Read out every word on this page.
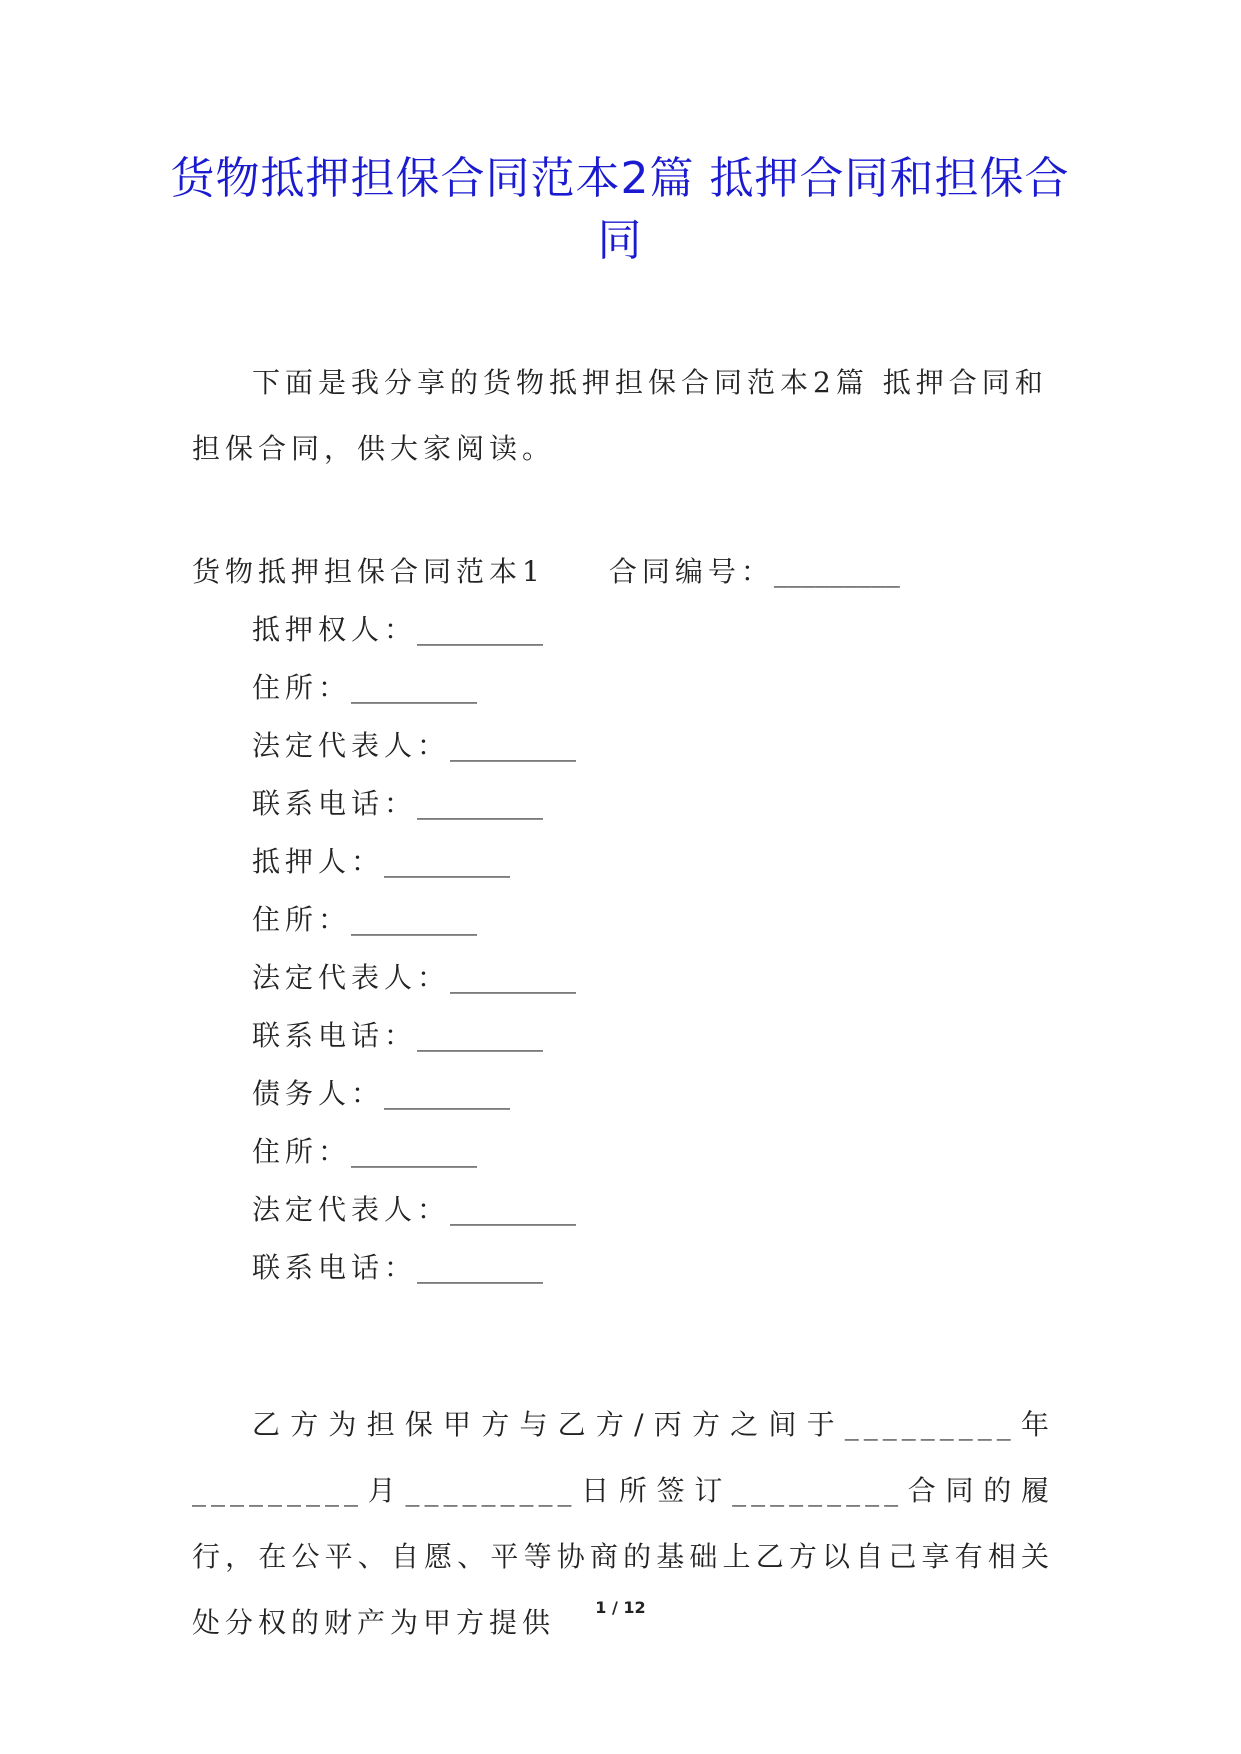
货物抵押担保合同范本2篇 抵押合同和担保合同
下面是我分享的货物抵押担保合同范本2篇 抵押合同和担保合同，供大家阅读。
货物抵押担保合同范本1 合同编号：_________
抵押权人：_________
住所：_________
法定代表人：_________
联系电话：_________
抵押人：_________
住所：_________
法定代表人：_________
联系电话：_________
债务人：_________
住所：_________
法定代表人：_________
联系电话：_________
乙方为担保甲方与乙方/丙方之间于_________年_________月_________日所签订_________合同的履行，在公平、自愿、平等协商的基础上乙方以自己享有相关处分权的财产为甲方提供	1 / 12
